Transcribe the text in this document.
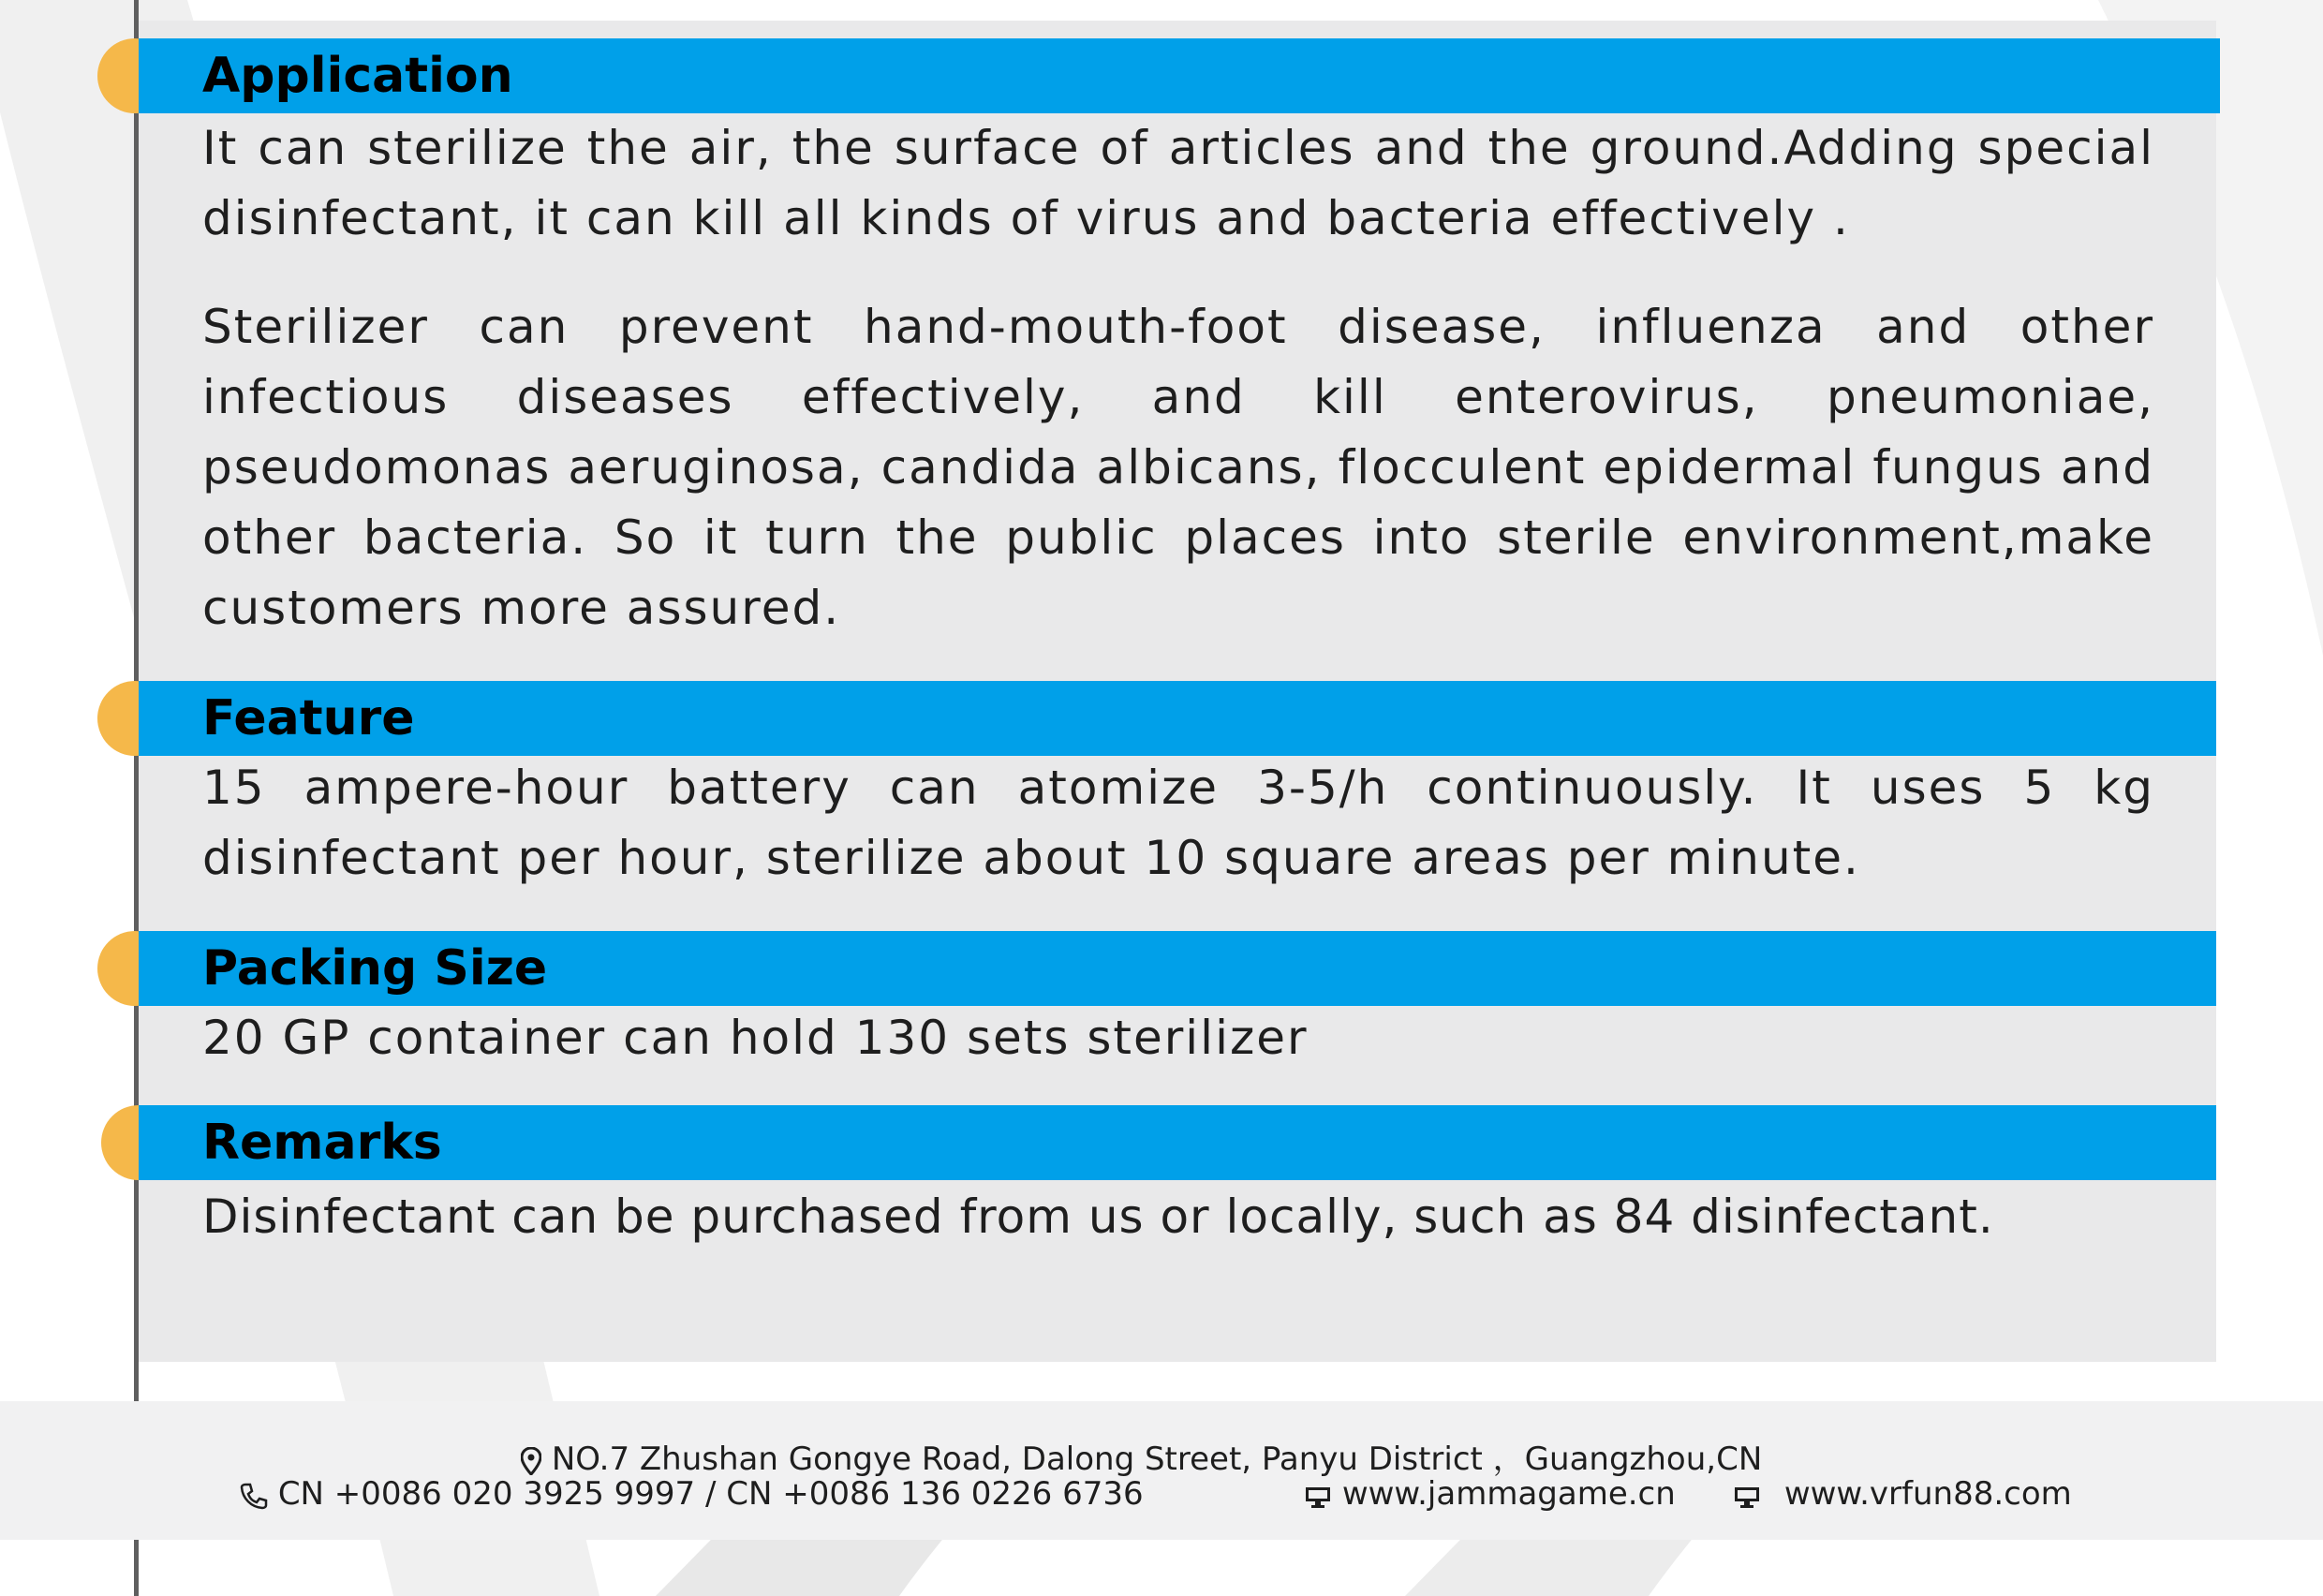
Application

It can sterilize the air, the surface of articles and the ground.Adding special disinfectant, it can kill all kinds of virus and bacteria effectively .

Sterilizer can prevent hand-mouth-foot disease, influenza and other infectious diseases effectively, and kill enterovirus, pneumoniae, pseudomonas aeruginosa, candida albicans, flocculent epidermal fungus and other bacteria. So it turn the public places into sterile environment,make customers more assured.

Feature

15 ampere-hour battery can atomize 3-5/h continuously. It uses 5 kg disinfectant per hour, sterilize about 10 square areas per minute.

Packing Size

20 GP container can hold 130 sets sterilizer

Remarks

Disinfectant can be purchased from us or locally, such as 84 disinfectant.

NO.7 Zhushan Gongye Road, Dalong Street, Panyu District ，Guangzhou,CN
CN +0086 020 3925 9997 / CN +0086 136 0226 6736	www.jammagame.cn	www.vrfun88.com
